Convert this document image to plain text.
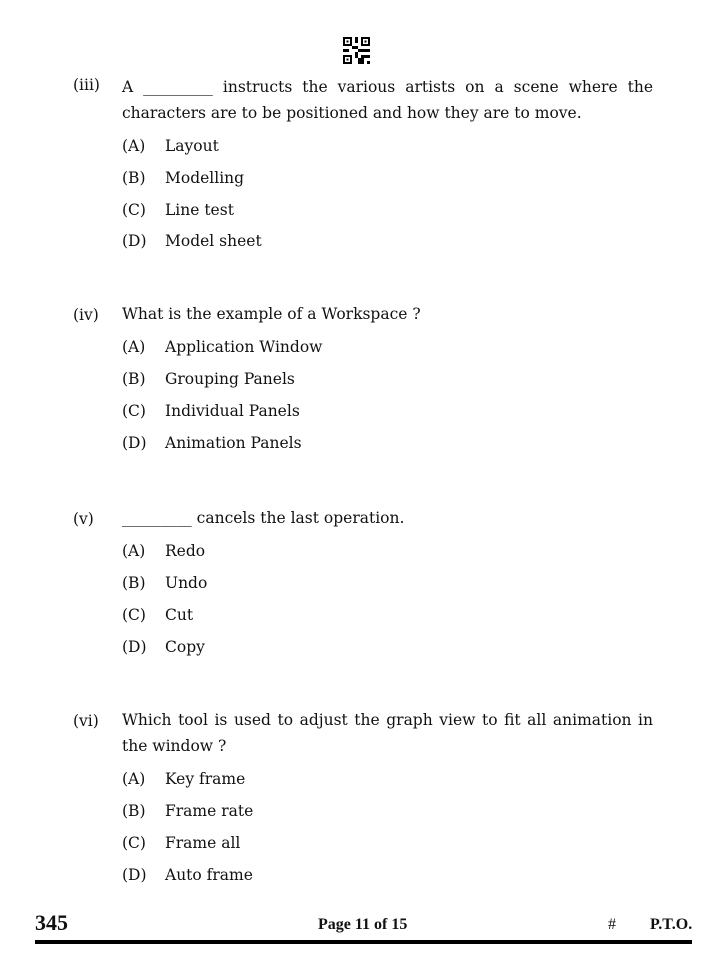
(iii) A _________ instructs the various artists on a scene where the characters are to be positioned and how they are to move.
(A) Layout
(B) Modelling
(C) Line test
(D) Model sheet
(iv) What is the example of a Workspace ?
(A) Application Window
(B) Grouping Panels
(C) Individual Panels
(D) Animation Panels
(v) _________ cancels the last operation.
(A) Redo
(B) Undo
(C) Cut
(D) Copy
(vi) Which tool is used to adjust the graph view to fit all animation in the window ?
(A) Key frame
(B) Frame rate
(C) Frame all
(D) Auto frame
345	Page 11 of 15	# P.T.O.
